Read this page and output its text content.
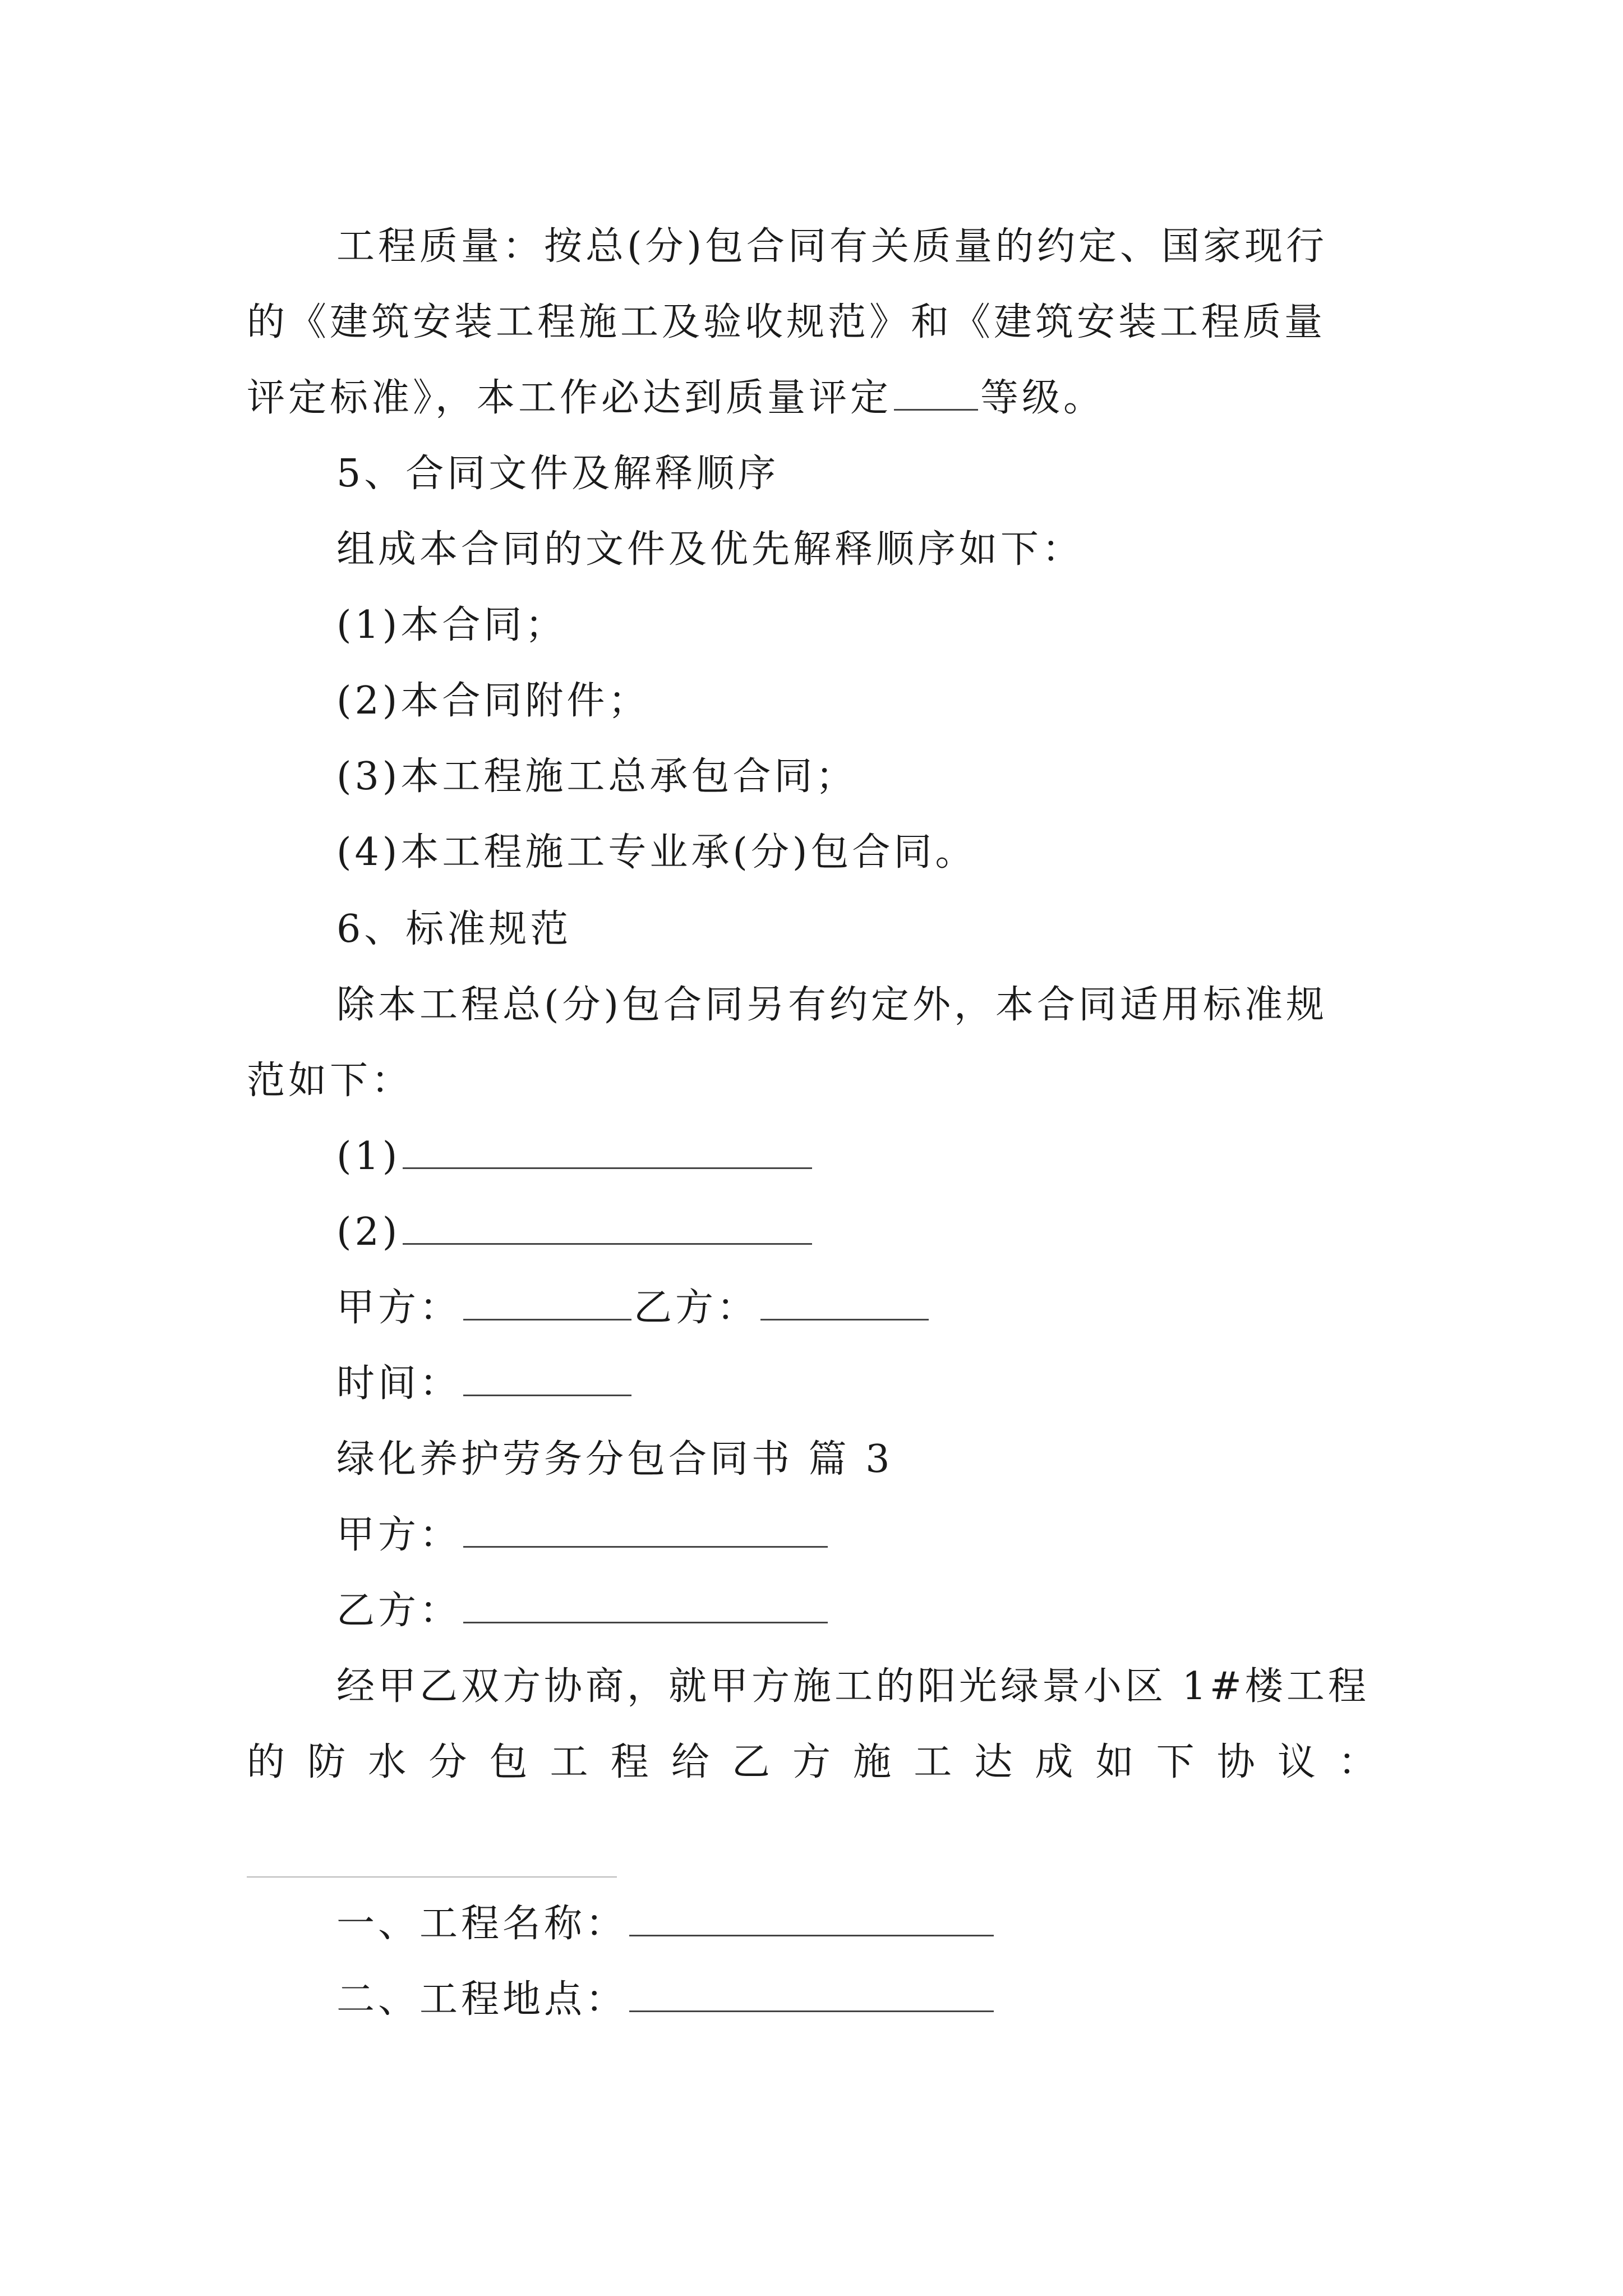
工程质量：按总(分)包合同有关质量的约定、国家现行
的《建筑安装工程施工及验收规范》和《建筑安装工程质量
评定标准》，本工作必达到质量评定 等级。
5、合同文件及解释顺序
组成本合同的文件及优先解释顺序如下：
(1)本合同；
(2)本合同附件；
(3)本工程施工总承包合同；
(4)本工程施工专业承(分)包合同。
6、标准规范
除本工程总(分)包合同另有约定外，本合同适用标准规
范如下：
(1)
(2)
甲方：	乙方：
时间：
绿化养护劳务分包合同书 篇 3
甲方：
乙方：
经甲乙双方协商，就甲方施工的阳光绿景小区 1#楼工程
的防水分包工程给乙方施工达成如下协议：
一、工程名称：
二、工程地点：
